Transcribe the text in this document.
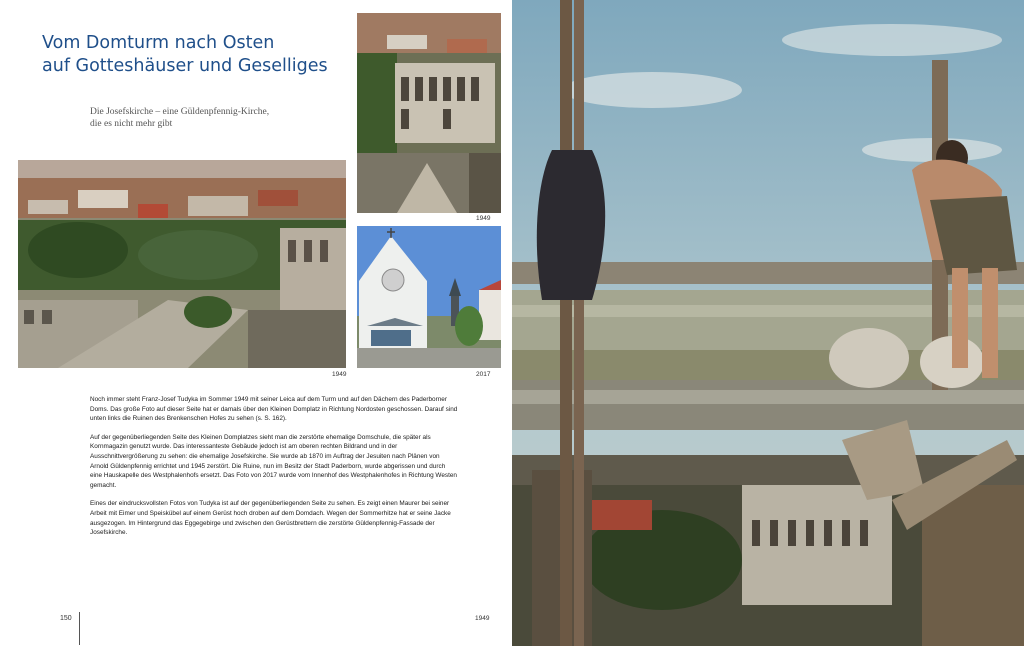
Vom Domturm nach Osten
auf Gotteshäuser und Geselliges
Die Josefskirche – eine Güldenpfennig-Kirche,
die es nicht mehr gibt
1949
1949
2017

Noch immer steht Franz-Josef Tudyka im Sommer 1949 mit seiner Leica auf dem Turm und auf den Dächern des Paderborner Doms. Das große Foto auf dieser Seite hat er damals über den Kleinen Domplatz in Richtung Nordosten geschossen. Darauf sind unten links die Ruinen des Brenkenschen Hofes zu sehen (s. S. 162).

Auf der gegenüberliegenden Seite des Kleinen Domplatzes sieht man die zerstörte ehemalige Domschule, die später als Kornmagazin genutzt wurde. Das interessanteste Gebäude jedoch ist am oberen rechten Bildrand und in der Ausschnittvergrößerung zu sehen: die ehemalige Josefskirche. Sie wurde ab 1870 im Auftrag der Jesuiten nach Plänen von Arnold Güldenpfennig errichtet und 1945 zerstört. Die Ruine, nun im Besitz der Stadt Paderborn, wurde abgerissen und durch eine Hauskapelle des Westphalenhofs ersetzt. Das Foto von 2017 wurde vom Innenhof des Westphalenhofes in Richtung Westen gemacht.

Eines der eindrucksvollsten Fotos von Tudyka ist auf der gegenüberliegenden Seite zu sehen. Es zeigt einen Maurer bei seiner Arbeit mit Eimer und Speiskübel auf einem Gerüst hoch droben auf dem Domdach. Wegen der Sommerhitze hat er seine Jacke ausgezogen. Im Hintergrund das Eggegebirge und zwischen den Gerüstbrettern die zerstörte Güldenpfennig-Fassade der Josefskirche.

150	1949
